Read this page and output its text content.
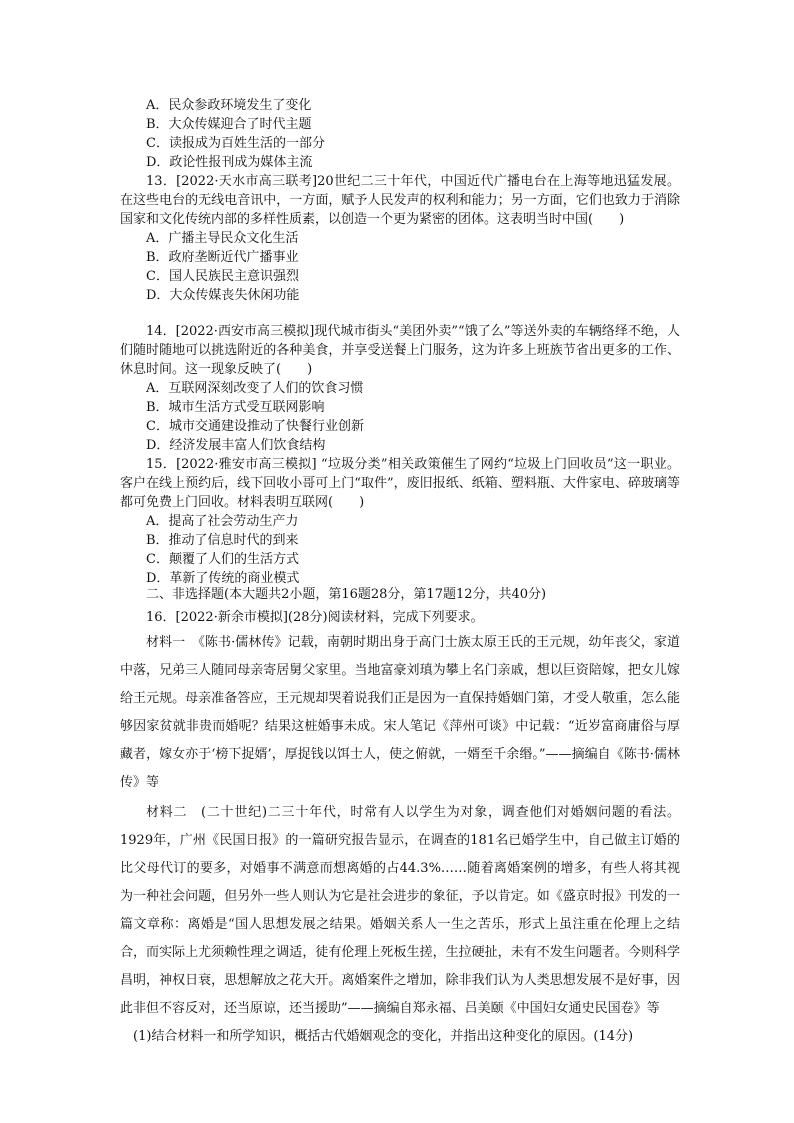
A．民众参政环境发生了变化
B．大众传媒迎合了时代主题
C．读报成为百姓生活的一部分
D．政论性报刊成为媒体主流
13．[2022·天水市高三联考]20世纪二三十年代，中国近代广播电台在上海等地迅猛发展。在这些电台的无线电音讯中，一方面，赋予人民发声的权利和能力；另一方面，它们也致力于消除国家和文化传统内部的多样性质素，以创造一个更为紧密的团体。这表明当时中国(　　)
A．广播主导民众文化生活
B．政府垄断近代广播事业
C．国人民族民主意识强烈
D．大众传媒丧失休闲功能
14．[2022·西安市高三模拟]现代城市街头“美团外卖”“饿了么”等送外卖的车辆络绎不绝，人们随时随地可以挑选附近的各种美食，并享受送餐上门服务，这为许多上班族节省出更多的工作、休息时间。这一现象反映了(　　)
A．互联网深刻改变了人们的饮食习惯
B．城市生活方式受互联网影响
C．城市交通建设推动了快餐行业创新
D．经济发展丰富人们饮食结构
15．[2022·雅安市高三模拟] “垃圾分类”相关政策催生了网约“垃圾上门回收员”这一职业。客户在线上预约后，线下回收小哥可上门“取件”，废旧报纸、纸箱、塑料瓶、大件家电、碎玻璃等都可免费上门回收。材料表明互联网(　　)
A．提高了社会劳动生产力
B．推动了信息时代的到来
C．颠覆了人们的生活方式
D．革新了传统的商业模式
二、非选择题(本大题共2小题，第16题28分，第17题12分，共40分)
16．[2022·新余市模拟](28分)阅读材料，完成下列要求。
材料一　《陈书·儒林传》记载，南朝时期出身于高门士族太原王氏的王元规，幼年丧父，家道中落，兄弟三人随同母亲寄居舅父家里。当地富豪刘瑱为攀上名门亲戚，想以巨资陪嫁，把女儿嫁给王元规。母亲准备答应，王元规却哭着说我们正是因为一直保持婚姻门第，才受人敬重，怎么能够因家贫就非贵而婚呢？结果这桩婚事未成。宋人笔记《萍州可谈》中记载：“近岁富商庸俗与厚藏者，嫁女亦于‘榜下捉婿’，厚捉钱以饵士人，使之俯就，一婿至千余缗。”——摘编自《陈书·儒林传》等
材料二　(二十世纪)二三十年代，时常有人以学生为对象，调查他们对婚姻问题的看法。1929年，广州《民国日报》的一篇研究报告显示，在调查的181名已婚学生中，自己做主订婚的比父母代订的要多，对婚事不满意而想离婚的占44.3%……随着离婚案例的增多，有些人将其视为一种社会问题，但另外一些人则认为它是社会进步的象征，予以肯定。如《盛京时报》刊发的一篇文章称：离婚是“国人思想发展之结果。婚姻关系人一生之苦乐，形式上虽注重在伦理上之结合，而实际上尤须赖性理之调适，徒有伦理上死板生搓，生拉硬扯，未有不发生问题者。今则科学昌明，神权日衰，思想解放之花大开。离婚案件之增加，除非我们认为人类思想发展不是好事，因此非但不容反对，还当原谅，还当援助”——摘编自郑永福、吕美颐《中国妇女通史民国卷》等
(1)结合材料一和所学知识，概括古代婚姻观念的变化，并指出这种变化的原因。(14分)
